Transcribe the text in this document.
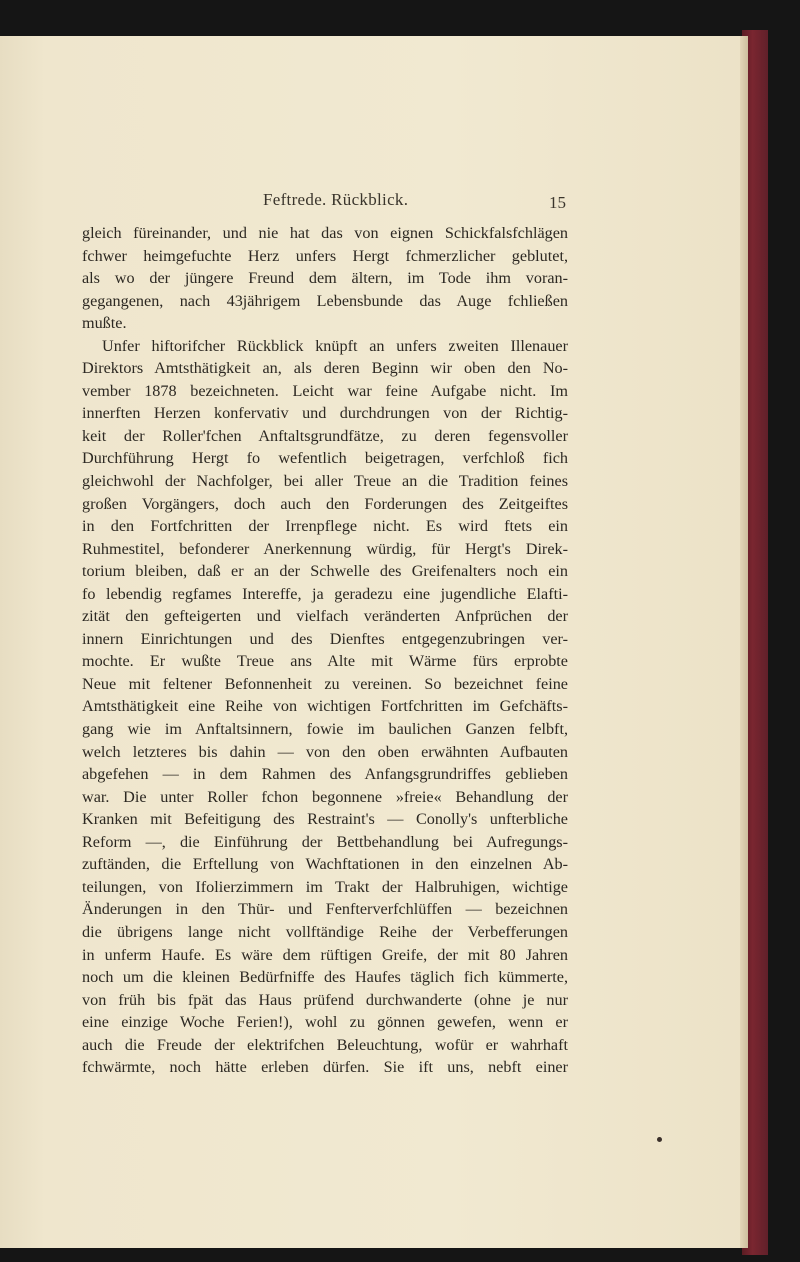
Feftrede. Rückblick.	15
gleich füreinander, und nie hat das von eignen Schickfalsfchlägen
fchwer heimgefuchte Herz unfers Hergt fchmerzlicher geblutet,
als wo der jüngere Freund dem ältern, im Tode ihm voran-
gegangenen, nach 43jährigem Lebensbunde das Auge fchließen
mußte.
Unfer hiftorifcher Rückblick knüpft an unfers zweiten Illenauer
Direktors Amtsthätigkeit an, als deren Beginn wir oben den No-
vember 1878 bezeichneten. Leicht war feine Aufgabe nicht. Im
innerften Herzen konfervativ und durchdrungen von der Richtig-
keit der Roller'fchen Anftaltsgrundfätze, zu deren fegensvoller
Durchführung Hergt fo wefentlich beigetragen, verfchloß fich
gleichwohl der Nachfolger, bei aller Treue an die Tradition feines
großen Vorgängers, doch auch den Forderungen des Zeitgeiftes
in den Fortfchritten der Irrenpflege nicht. Es wird ftets ein
Ruhmestitel, befonderer Anerkennung würdig, für Hergt's Direk-
torium bleiben, daß er an der Schwelle des Greifenalters noch ein
fo lebendig regfames Intereffe, ja geradezu eine jugendliche Elafti-
zität den gefteigerten und vielfach veränderten Anfprüchen der
innern Einrichtungen und des Dienftes entgegenzubringen ver-
mochte. Er wußte Treue ans Alte mit Wärme fürs erprobte
Neue mit feltener Befonnenheit zu vereinen. So bezeichnet feine
Amtsthätigkeit eine Reihe von wichtigen Fortfchritten im Gefchäfts-
gang wie im Anftaltsinnern, fowie im baulichen Ganzen felbft,
welch letzteres bis dahin — von den oben erwähnten Aufbauten
abgefehen — in dem Rahmen des Anfangsgrundriffes geblieben
war. Die unter Roller fchon begonnene »freie« Behandlung der
Kranken mit Befeitigung des Restraint's — Conolly's unfterbliche
Reform —, die Einführung der Bettbehandlung bei Aufregungs-
zuftänden, die Erftellung von Wachftationen in den einzelnen Ab-
teilungen, von Ifolierzimmern im Trakt der Halbruhigen, wichtige
Änderungen in den Thür- und Fenfterverfchlüffen — bezeichnen
die übrigens lange nicht vollftändige Reihe der Verbefferungen
in unferm Haufe. Es wäre dem rüftigen Greife, der mit 80 Jahren
noch um die kleinen Bedürfniffe des Haufes täglich fich kümmerte,
von früh bis fpät das Haus prüfend durchwanderte (ohne je nur
eine einzige Woche Ferien!), wohl zu gönnen gewefen, wenn er
auch die Freude der elektrifchen Beleuchtung, wofür er wahrhaft
fchwärmte, noch hätte erleben dürfen. Sie ift uns, nebft einer
